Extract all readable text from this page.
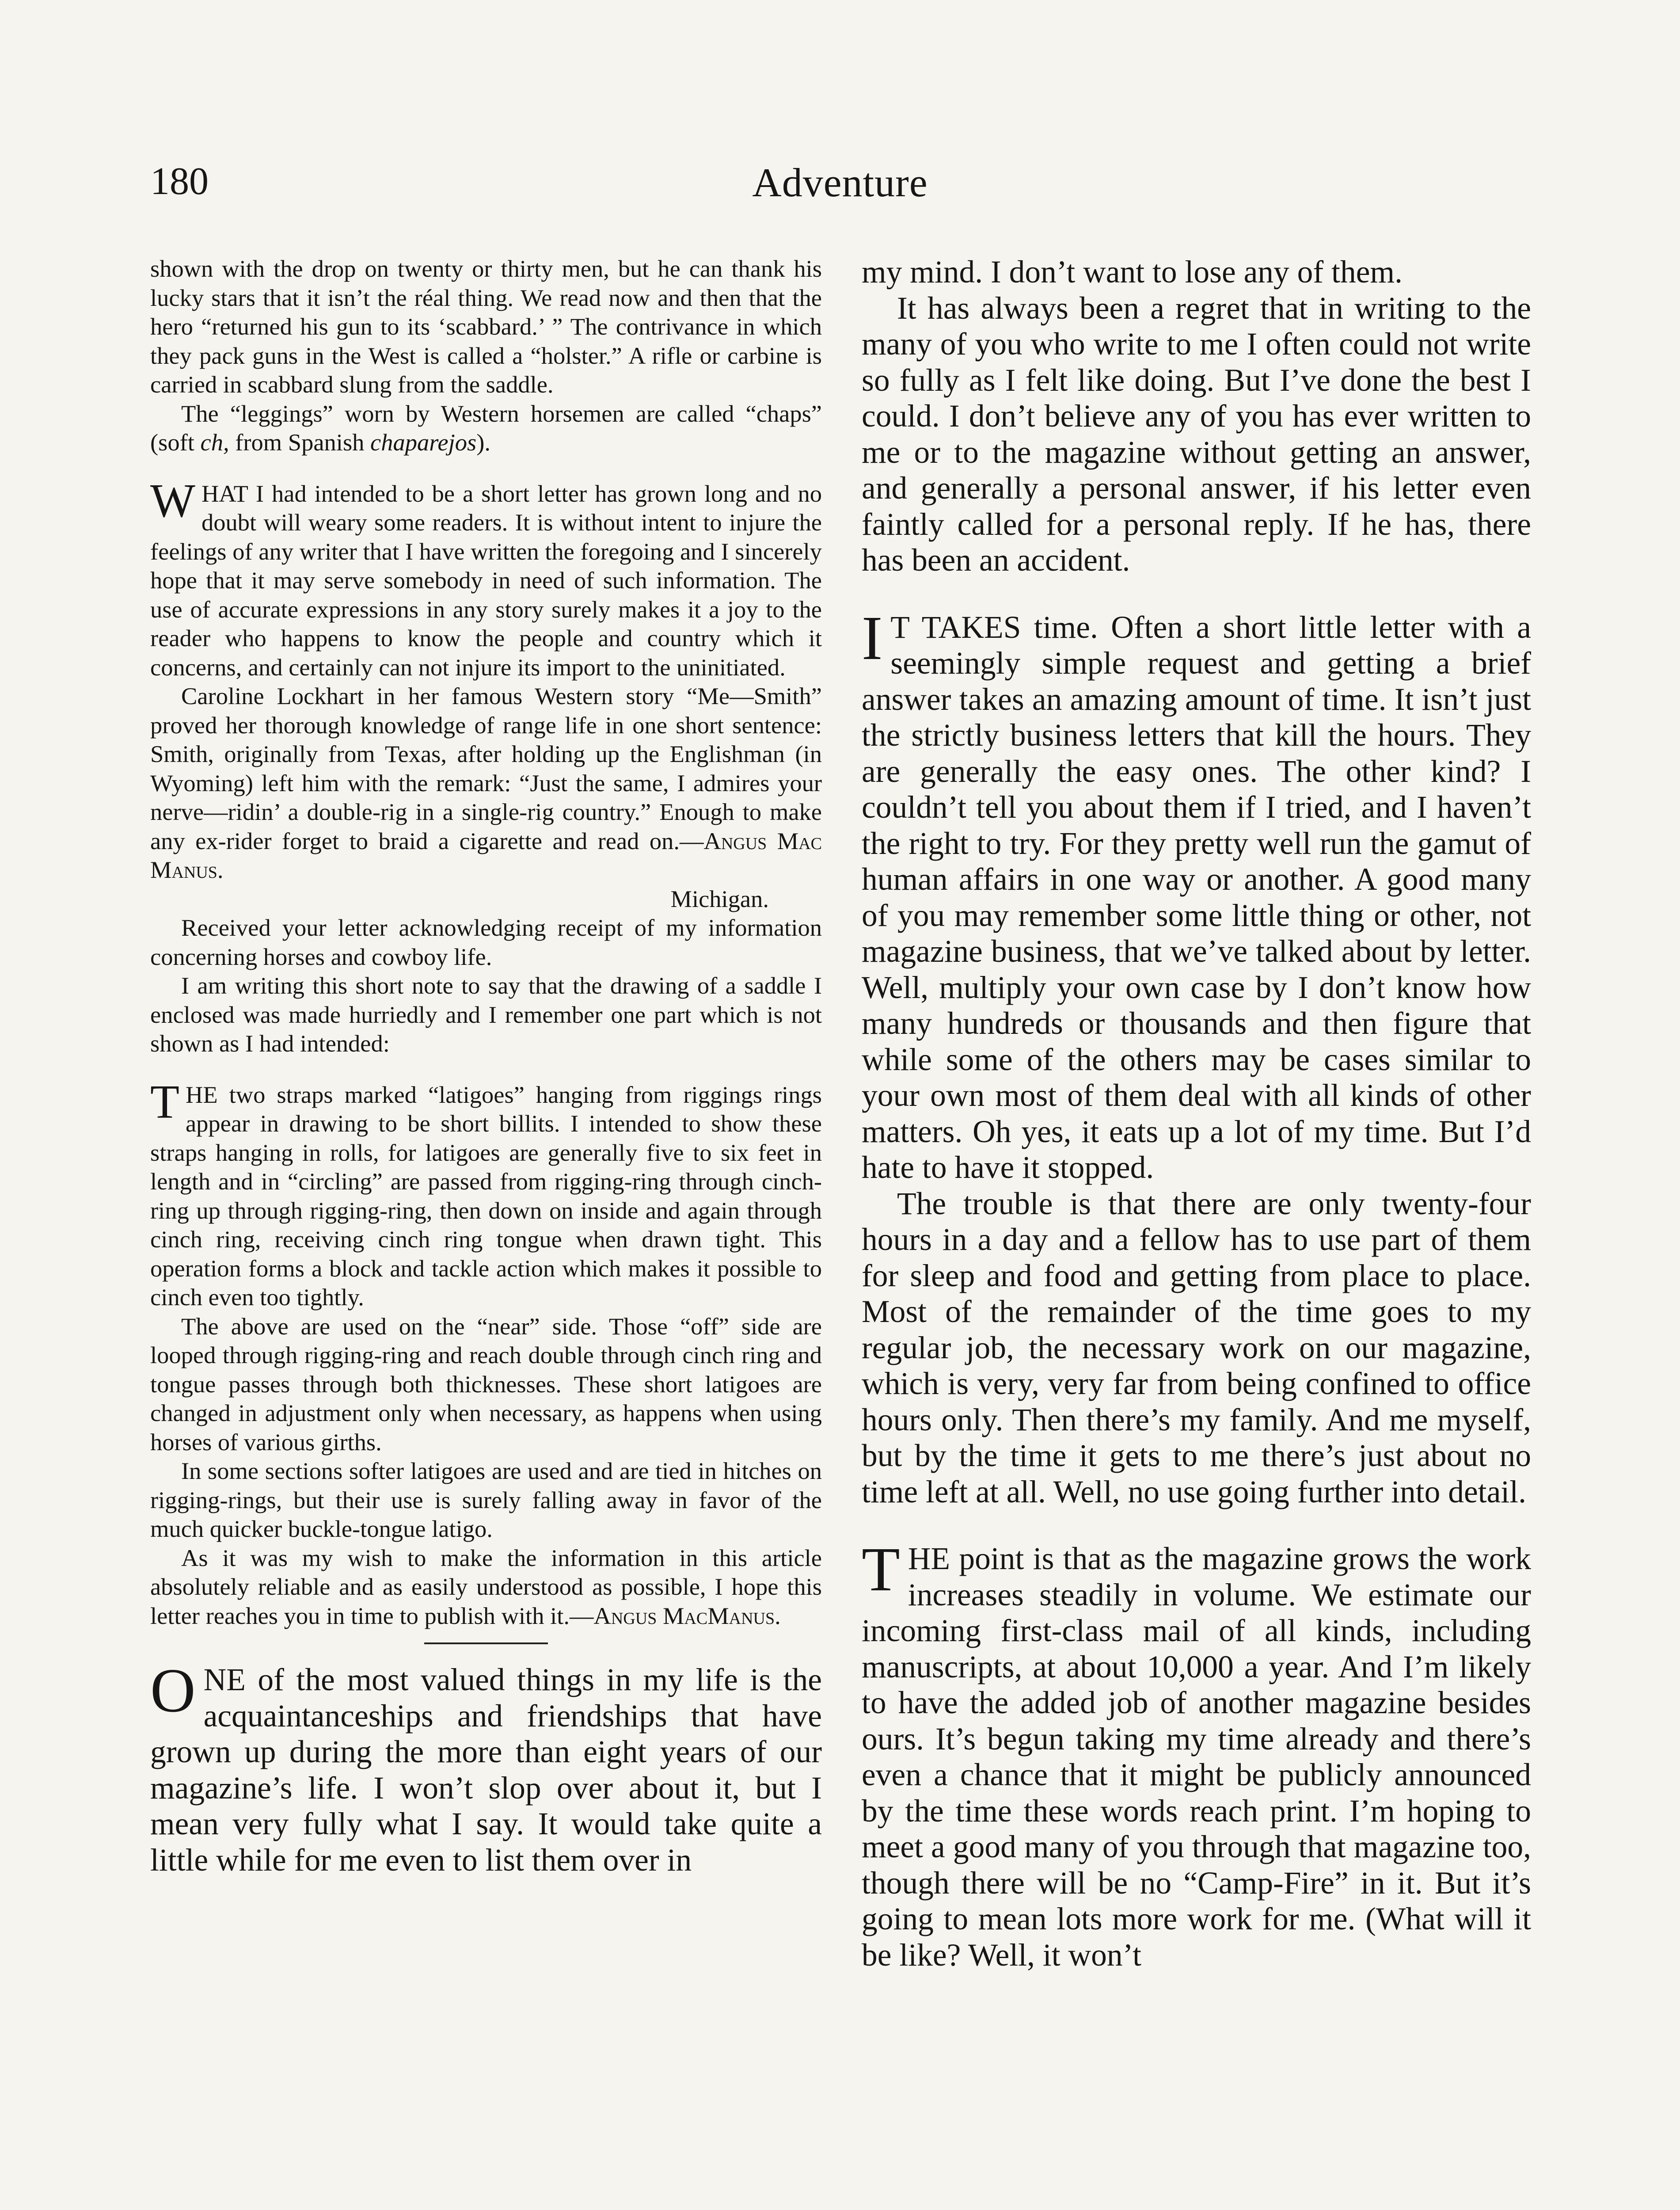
180	Adventure

shown with the drop on twenty or thirty men, but he can thank his lucky stars that it isn’t the réal thing. We read now and then that the hero “returned his gun to its ‘scabbard.’ ” The contrivance in which they pack guns in the West is called a “holster.” A rifle or carbine is carried in scabbard slung from the saddle.

The “leggings” worn by Western horsemen are called “chaps” (soft ch, from Spanish chaparejos).

WHAT I had intended to be a short letter has grown long and no doubt will weary some readers. It is without intent to injure the feelings of any writer that I have written the foregoing and I sincerely hope that it may serve somebody in need of such information. The use of accurate expressions in any story surely makes it a joy to the reader who happens to know the people and country which it concerns, and certainly can not injure its import to the uninitiated.

Caroline Lockhart in her famous Western story “Me—Smith” proved her thorough knowledge of range life in one short sentence: Smith, originally from Texas, after holding up the Englishman (in Wyoming) left him with the remark: “Just the same, I admires your nerve—ridin’ a double-rig in a single-rig country.” Enough to make any ex-rider forget to braid a cigarette and read on.—Angus Mac Manus.

Michigan.

Received your letter acknowledging receipt of my information concerning horses and cowboy life.

I am writing this short note to say that the drawing of a saddle I enclosed was made hurriedly and I remember one part which is not shown as I had intended:

THE two straps marked “latigoes” hanging from riggings rings appear in drawing to be short billits. I intended to show these straps hanging in rolls, for latigoes are generally five to six feet in length and in “circling” are passed from rigging-ring through cinch-ring up through rigging-ring, then down on inside and again through cinch ring, receiving cinch ring tongue when drawn tight. This operation forms a block and tackle action which makes it possible to cinch even too tightly.

The above are used on the “near” side. Those “off” side are looped through rigging-ring and reach double through cinch ring and tongue passes through both thicknesses. These short latigoes are changed in adjustment only when necessary, as happens when using horses of various girths.

In some sections softer latigoes are used and are tied in hitches on rigging-rings, but their use is surely falling away in favor of the much quicker buckle-tongue latigo.

As it was my wish to make the information in this article absolutely reliable and as easily understood as possible, I hope this letter reaches you in time to publish with it.—Angus MacManus.

ONE of the most valued things in my life is the acquaintanceships and friendships that have grown up during the more than eight years of our magazine’s life. I won’t slop over about it, but I mean very fully what I say. It would take quite a little while for me even to list them over in

my mind. I don’t want to lose any of them.

It has always been a regret that in writing to the many of you who write to me I often could not write so fully as I felt like doing. But I’ve done the best I could. I don’t believe any of you has ever written to me or to the magazine without getting an answer, and generally a personal answer, if his letter even faintly called for a personal reply. If he has, there has been an accident.

I T TAKES time. Often a short little letter with a seemingly simple request and getting a brief answer takes an amazing amount of time. It isn’t just the strictly business letters that kill the hours. They are generally the easy ones. The other kind? I couldn’t tell you about them if I tried, and I haven’t the right to try. For they pretty well run the gamut of human affairs in one way or another. A good many of you may remember some little thing or other, not magazine business, that we’ve talked about by letter. Well, multiply your own case by I don’t know how many hundreds or thousands and then figure that while some of the others may be cases similar to your own most of them deal with all kinds of other matters. Oh yes, it eats up a lot of my time. But I’d hate to have it stopped.

The trouble is that there are only twenty-four hours in a day and a fellow has to use part of them for sleep and food and getting from place to place. Most of the remainder of the time goes to my regular job, the necessary work on our magazine, which is very, very far from being confined to office hours only. Then there’s my family. And me myself, but by the time it gets to me there’s just about no time left at all. Well, no use going further into detail.

THE point is that as the magazine grows the work increases steadily in volume. We estimate our incoming first-class mail of all kinds, including manuscripts, at about 10,000 a year. And I’m likely to have the added job of another magazine besides ours. It’s begun taking my time already and there’s even a chance that it might be publicly announced by the time these words reach print. I’m hoping to meet a good many of you through that magazine too, though there will be no “Camp-Fire” in it. But it’s going to mean lots more work for me. (What will it be like? Well, it won’t
